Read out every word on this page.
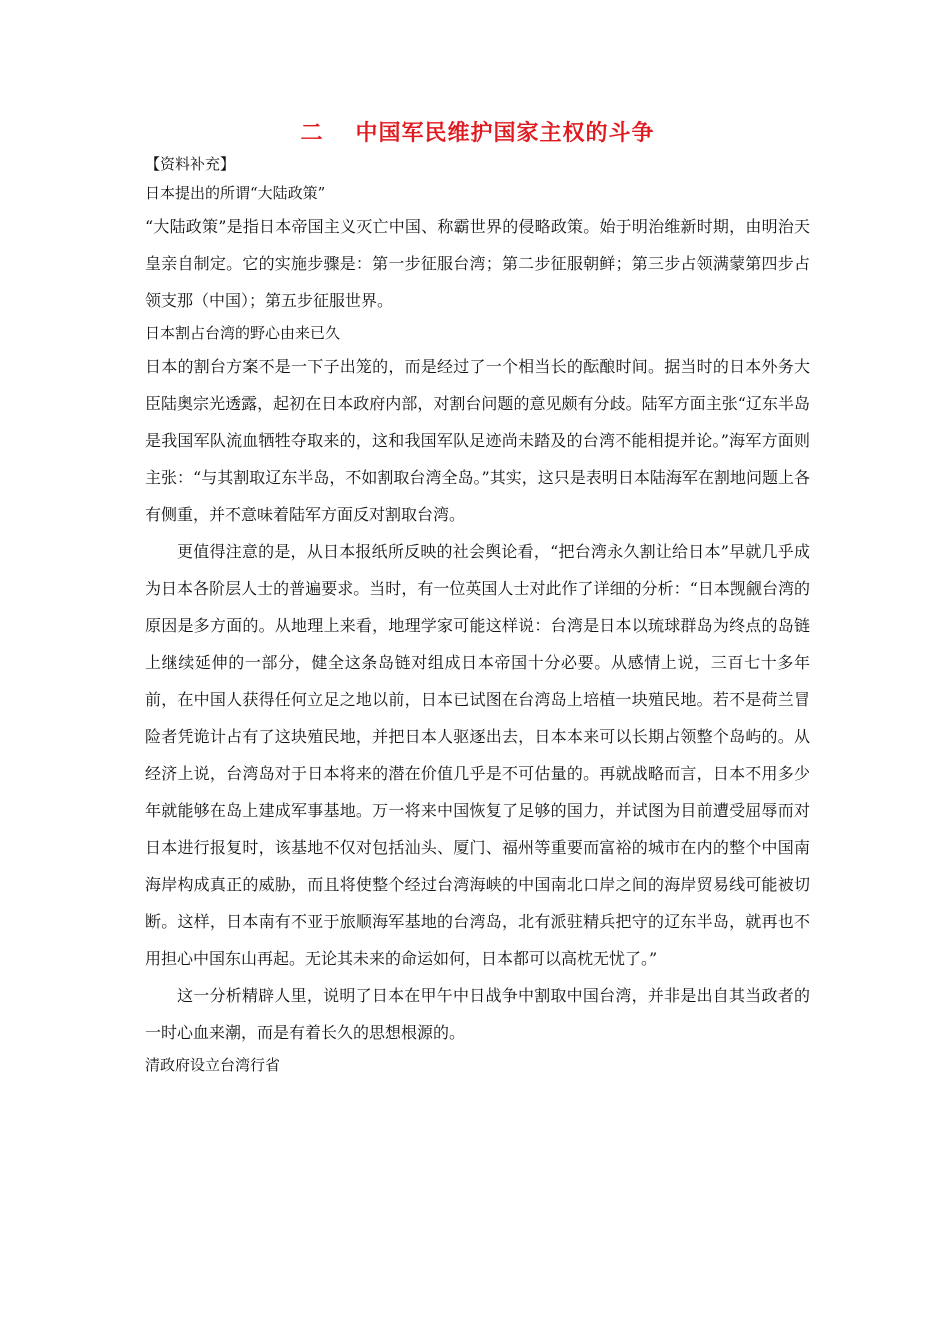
二 中国军民维护国家主权的斗争

【资料补充】

日本提出的所谓“大陆政策”

“大陆政策”是指日本帝国主义灭亡中国、称霸世界的侵略政策。始于明治维新时期，由明治天皇亲自制定。它的实施步骤是：第一步征服台湾；第二步征服朝鲜；第三步占领满蒙第四步占领支那（中国）；第五步征服世界。

日本割占台湾的野心由来已久

日本的割台方案不是一下子出笼的，而是经过了一个相当长的酝酿时间。据当时的日本外务大臣陆奥宗光透露，起初在日本政府内部，对割台问题的意见颇有分歧。陆军方面主张“辽东半岛是我国军队流血牺牲夺取来的，这和我国军队足迹尚未踏及的台湾不能相提并论。”海军方面则主张：“与其割取辽东半岛，不如割取台湾全岛。”其实，这只是表明日本陆海军在割地问题上各有侧重，并不意味着陆军方面反对割取台湾。

更值得注意的是，从日本报纸所反映的社会舆论看，“把台湾永久割让给日本”早就几乎成为日本各阶层人士的普遍要求。当时，有一位英国人士对此作了详细的分析：“日本觊觎台湾的原因是多方面的。从地理上来看，地理学家可能这样说：台湾是日本以琉球群岛为终点的岛链上继续延伸的一部分，健全这条岛链对组成日本帝国十分必要。从感情上说，三百七十多年前，在中国人获得任何立足之地以前，日本已试图在台湾岛上培植一块殖民地。若不是荷兰冒险者凭诡计占有了这块殖民地，并把日本人驱逐出去，日本本来可以长期占领整个岛屿的。从经济上说，台湾岛对于日本将来的潜在价值几乎是不可估量的。再就战略而言，日本不用多少年就能够在岛上建成军事基地。万一将来中国恢复了足够的国力，并试图为目前遭受屈辱而对日本进行报复时，该基地不仅对包括汕头、厦门、福州等重要而富裕的城市在内的整个中国南海岸构成真正的威胁，而且将使整个经过台湾海峡的中国南北口岸之间的海岸贸易线可能被切断。这样，日本南有不亚于旅顺海军基地的台湾岛，北有派驻精兵把守的辽东半岛，就再也不用担心中国东山再起。无论其未来的命运如何，日本都可以高枕无忧了。”

这一分析精辟人里，说明了日本在甲午中日战争中割取中国台湾，并非是出自其当政者的一时心血来潮，而是有着长久的思想根源的。

清政府设立台湾行省
